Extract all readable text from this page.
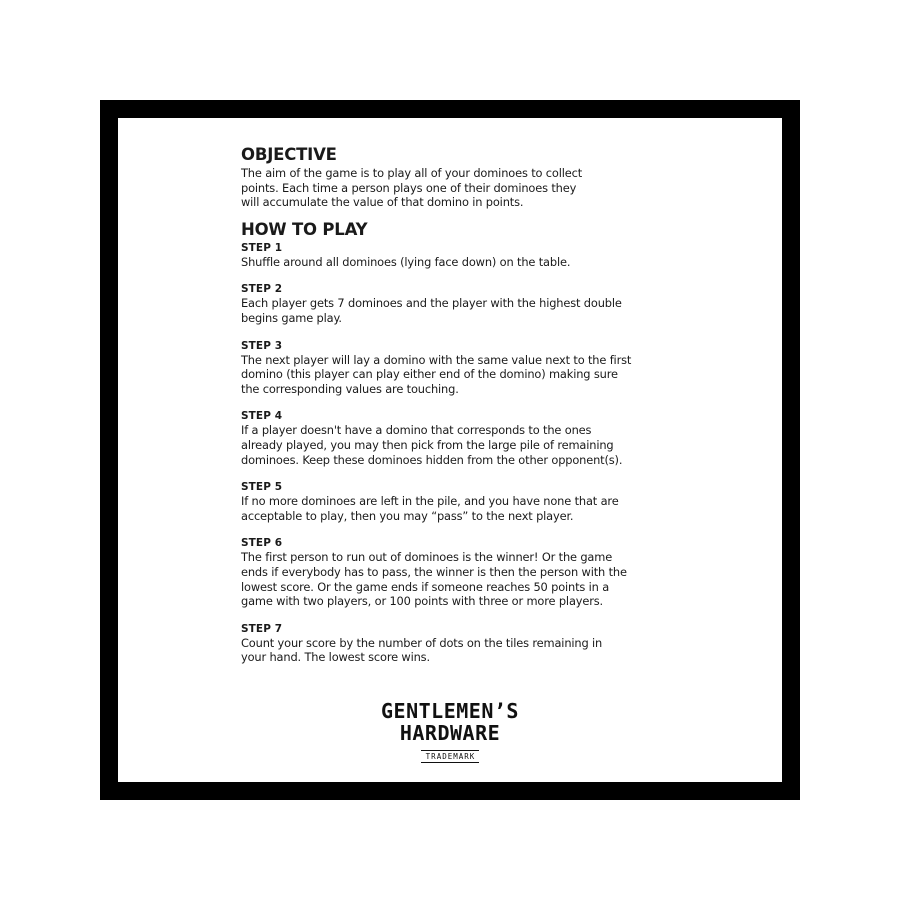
OBJECTIVE

The aim of the game is to play all of your dominoes to collect

points. Each time a person plays one of their dominoes they

will accumulate the value of that domino in points.

HOW TO PLAY

STEP 1

Shuffle around all dominoes (lying face down) on the table.

STEP 2

Each player gets 7 dominoes and the player with the highest double

begins game play.

STEP 3

The next player will lay a domino with the same value next to the first

domino (this player can play either end of the domino) making sure

the corresponding values are touching.

STEP 4

If a player doesn't have a domino that corresponds to the ones

already played, you may then pick from the large pile of remaining

dominoes. Keep these dominoes hidden from the other opponent(s).

STEP 5

If no more dominoes are left in the pile, and you have none that are

acceptable to play, then you may “pass” to the next player.

STEP 6

The first person to run out of dominoes is the winner! Or the game

ends if everybody has to pass, the winner is then the person with the

lowest score. Or the game ends if someone reaches 50 points in a

game with two players, or 100 points with three or more players.

STEP 7

Count your score by the number of dots on the tiles remaining in

your hand. The lowest score wins.

GENTLEMEN’S
HARDWARE
TRADEMARK
